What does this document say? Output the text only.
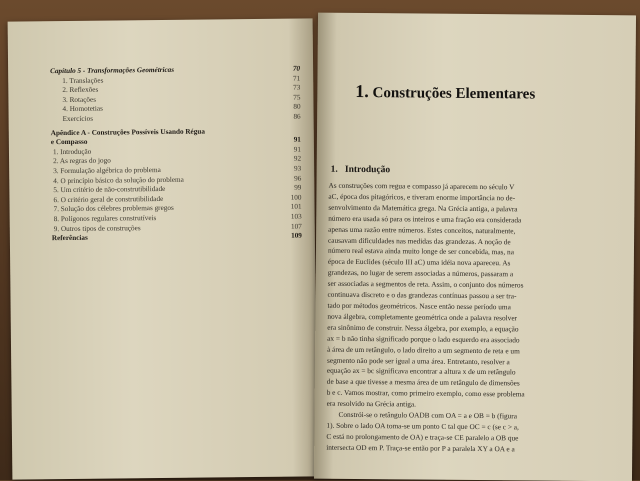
Capítulo 5 - Transformações Geométricas	70
1. Translações	71
2. Reflexões	73
3. Rotações	75
4. Homotetias	80
Exercícios	86
Apêndice A - Construções Possíveis Usando Régua
e Compasso	91
1. Introdução	91
2. As regras do jogo	92
3. Formulação algébrica do problema	93
4. O princípio básico da solução do problema	96
5. Um critério de não-construtibilidade	99
6. O critério geral de construtibilidade	100
7. Solução dos célebres problemas gregos	101
8. Polígonos regulares construtíveis	103
9. Outros tipos de construções	107
Referências	109
1. Construções Elementares
1. Introdução
As construções com regua e compasso já aparecem no século V
aC, época dos pitagóricos, e tiveram enorme importância no de-
senvolvimento da Matemática grega. Na Grécia antiga, a palavra
número era usada só para os inteiros e uma fração era considerada
apenas uma razão entre números. Estes conceitos, naturalmente,
causavam dificuldades nas medidas das grandezas. A noção de
número real estava ainda muito longe de ser concebida, mas, na
época de Euclides (século III aC) uma idéia nova apareceu. As
grandezas, no lugar de serem associadas a números, passaram a
ser associadas a segmentos de reta. Assim, o conjunto dos números
continuava discreto e o das grandezas contínuas passou a ser tra-
tado por métodos geométricos. Nasce então nesse período uma
nova álgebra, completamente geométrica onde a palavra resolver
era sinônimo de construir. Nessa álgebra, por exemplo, a equação
ax = b não tinha significado porque o lado esquerdo era associado
à área de um retângulo, o lado direito a um segmento de reta e um
segmento não pode ser igual a uma área. Entretanto, resolver a
equação ax = bc significava encontrar a altura x de um retângulo
de base a que tivesse a mesma área de um retângulo de dimensões
b e c. Vamos mostrar, como primeiro exemplo, como esse problema
era resolvido na Grécia antiga.
Constrói-se o retângulo OADB com OA = a e OB = b (figura
1). Sobre o lado OA toma-se um ponto C tal que OC = c (se c > a,
C está no prolongamento de OA) e traça-se CE paralelo a OB que
intersecta OD em P. Traça-se então por P a paralela XY a OA e a
